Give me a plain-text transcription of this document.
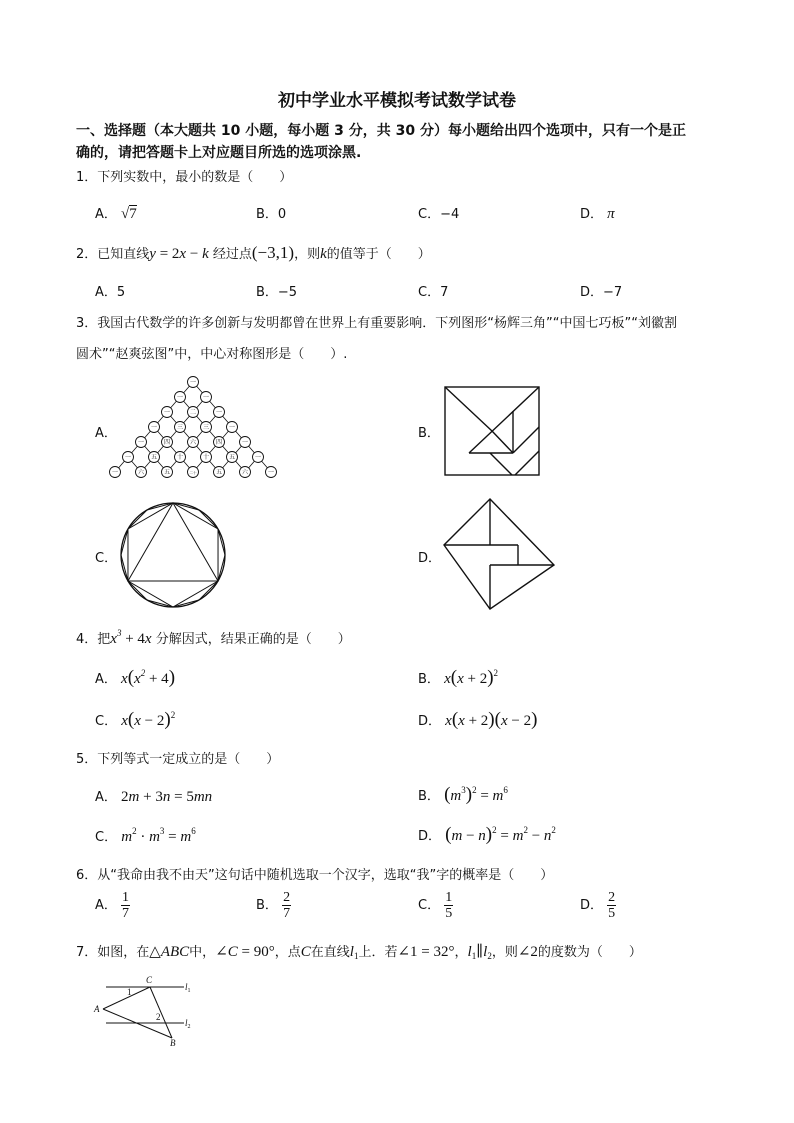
初中学业水平模拟考试数学试卷
一、选择题（本大题共 10 小题，每小题 3 分，共 30 分）每小题给出四个选项中，只有一个是正
确的，请把答题卡上对应题目所选的选项涂黑.
1．下列实数中，最小的数是（　　）
A． √7	B．0	C．−4	D． π
2．已知直线y = 2x − k 经过点(−3,1)，则k的值等于（　　）
A．5	B．−5	C．7	D．−7
3．我国古代数学的许多创新与发明都曾在世界上有重要影响．下列图形“杨辉三角”“中国七巧板”“刘徽割
圆术”“赵爽弦图”中，中心对称图形是（　　）.
A．
一
一	一
一	二	一
一	三	三	一
一	四	六	四	一
一	五	十	十	五	一
一	六	五	二十	五	六	一
B．
C．	D．
4．把$x^3 + 4x$ 分解因式，结果正确的是（　　）
A． $x(x^2 + 4)$	B． $x(x + 2)^2$
C． $x(x - 2)^2$	D． x(x + 2)(x − 2)
5．下列等式一定成立的是（　　）
A． 2m + 3n = 5mn	B． $(m^3)^2 = m^6$
C． $m^2 \cdot m^3 = m^6$	D． $(m - n)^2 = m^2 - n^2$
6．从“我命由我不由天”这句话中随机选取一个汉字，选取“我”字的概率是（　　）
A． $\frac{1}{7}$	B． $\frac{2}{7}$	C． $\frac{1}{5}$	D． $\frac{2}{5}$
7．如图，在△ABC中，∠C = 90°，点C在直线$l_1$上．若∠1 = 32°，$l_1\parallel l_2$，则∠2的度数为（　　）
C
A
B
$l_1$
$l_2$
1
2
